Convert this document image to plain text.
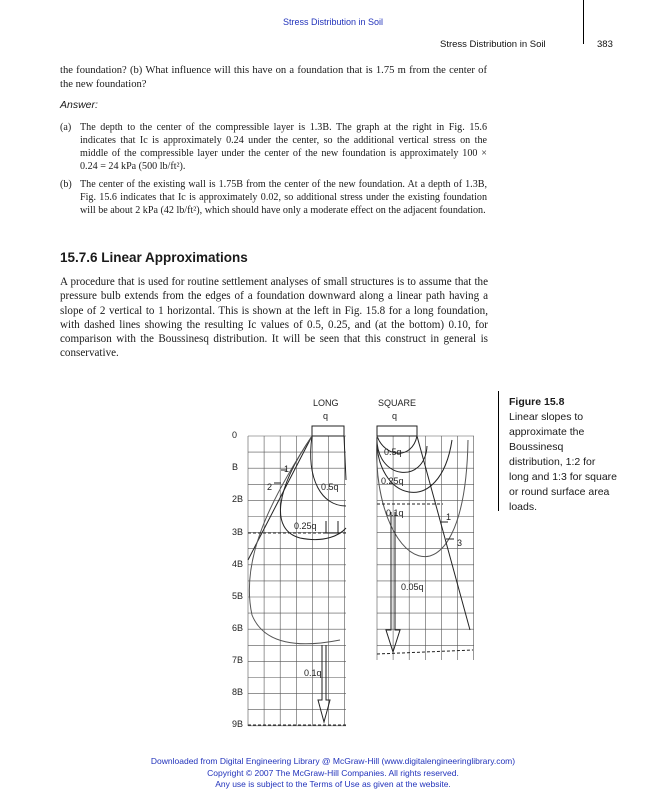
Stress Distribution in Soil
Stress Distribution in Soil	383

the foundation? (b) What influence will this have on a foundation that is 1.75 m from the center of the new foundation?

Answer:
(a) The depth to the center of the compressible layer is 1.3B. The graph at the right in Fig. 15.6 indicates that Ic is approximately 0.24 under the center, so the additional vertical stress on the middle of the compressible layer under the center of the new foundation is approximately 100 × 0.24 = 24 kPa (500 lb/ft²).
(b) The center of the existing wall is 1.75B from the center of the new foundation. At a depth of 1.3B, Fig. 15.6 indicates that Ic is approximately 0.02, so additional stress under the existing foundation will be about 2 kPa (42 lb/ft²), which should have only a moderate effect on the adjacent foundation.
15.7.6 Linear Approximations

A procedure that is used for routine settlement analyses of small structures is to assume that the pressure bulb extends from the edges of a foundation downward along a linear path having a slope of 2 vertical to 1 horizontal. This is shown at the left in Fig. 15.8 for a long foundation, with dashed lines showing the resulting Ic values of 0.5, 0.25, and (at the bottom) 0.10, for comparison with the Boussinesq distribution. It will be seen that this construct in general is conservative.

LONG	SQUARE
q	q
0
B
2B
3B
4B
5B
6B
7B
8B
9B
0.5q
0.25q
0.1q
1
2
0.5q
0.25q
0.1q
0.05q
1
3
Figure 15.8
Linear slopes to approximate the Boussinesq distribution, 1:2 for long and 1:3 for square or round surface area loads.
Downloaded from Digital Engineering Library @ McGraw-Hill (www.digitalengineeringlibrary.com)
Copyright © 2007 The McGraw-Hill Companies. All rights reserved.
Any use is subject to the Terms of Use as given at the website.
